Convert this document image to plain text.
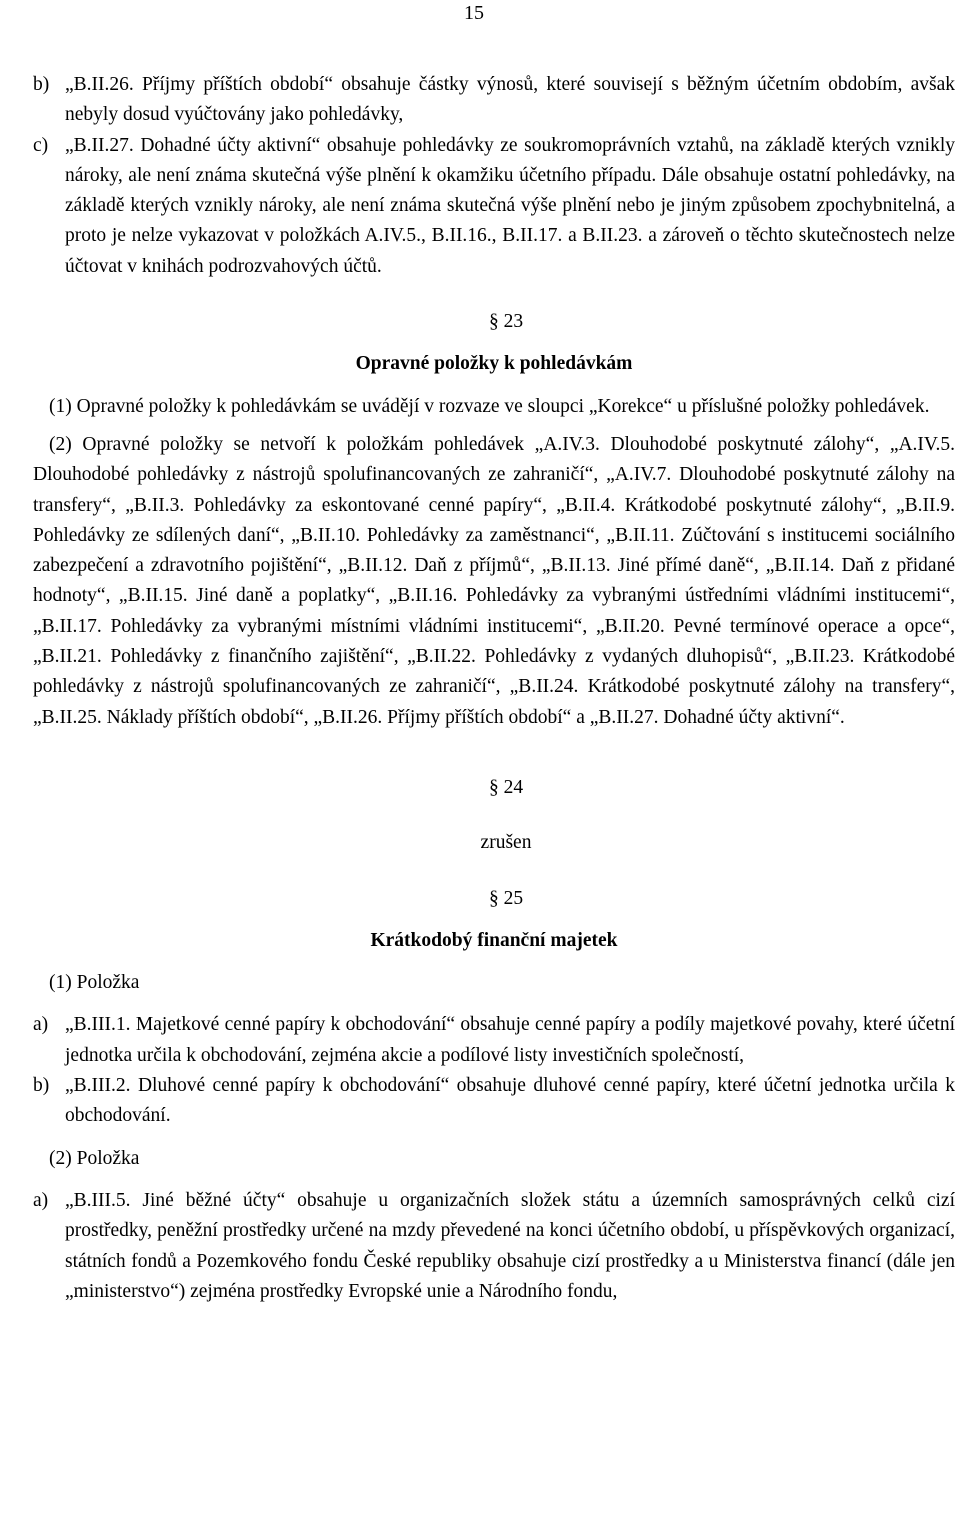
15
b) „B.II.26. Příjmy příštích období“ obsahuje částky výnosů, které souvisejí s běžným účetním obdobím, avšak nebyly dosud vyúčtovány jako pohledávky,
c) „B.II.27. Dohadné účty aktivní“ obsahuje pohledávky ze soukromoprávních vztahů, na základě kterých vznikly nároky, ale není známa skutečná výše plnění k okamžiku účetního případu. Dále obsahuje ostatní pohledávky, na základě kterých vznikly nároky, ale není známa skutečná výše plnění nebo je jiným způsobem zpochybnitelná, a proto je nelze vykazovat v položkách A.IV.5., B.II.16., B.II.17. a B.II.23. a zároveň o těchto skutečnostech nelze účtovat v knihách podrozvahových účtů.
§ 23
Opravné položky k pohledávkám

(1) Opravné položky k pohledávkám se uvádějí v rozvaze ve sloupci „Korekce“ u příslušné položky pohledávek.

(2) Opravné položky se netvoří k položkám pohledávek „A.IV.3. Dlouhodobé poskytnuté zálohy“, „A.IV.5. Dlouhodobé pohledávky z nástrojů spolufinancovaných ze zahraničí“, „A.IV.7. Dlouhodobé poskytnuté zálohy na transfery“, „B.II.3. Pohledávky za eskontované cenné papíry“, „B.II.4. Krátkodobé poskytnuté zálohy“, „B.II.9. Pohledávky ze sdílených daní“, „B.II.10. Pohledávky za zaměstnanci“, „B.II.11. Zúčtování s institucemi sociálního zabezpečení a zdravotního pojištění“, „B.II.12. Daň z příjmů“, „B.II.13. Jiné přímé daně“, „B.II.14. Daň z přidané hodnoty“, „B.II.15. Jiné daně a poplatky“, „B.II.16. Pohledávky za vybranými ústředními vládními institucemi“, „B.II.17. Pohledávky za vybranými místními vládními institucemi“, „B.II.20. Pevné termínové operace a opce“, „B.II.21. Pohledávky z finančního zajištění“, „B.II.22. Pohledávky z vydaných dluhopisů“, „B.II.23. Krátkodobé pohledávky z nástrojů spolufinancovaných ze zahraničí“, „B.II.24. Krátkodobé poskytnuté zálohy na transfery“, „B.II.25. Náklady příštích období“, „B.II.26. Příjmy příštích období“ a „B.II.27. Dohadné účty aktivní“.

§ 24
zrušen
§ 25
Krátkodobý finanční majetek
(1) Položka
a) „B.III.1. Majetkové cenné papíry k obchodování“ obsahuje cenné papíry a podíly majetkové povahy, které účetní jednotka určila k obchodování, zejména akcie a podílové listy investičních společností,
b) „B.III.2. Dluhové cenné papíry k obchodování“ obsahuje dluhové cenné papíry, které účetní jednotka určila k obchodování.
(2) Položka
a) „B.III.5. Jiné běžné účty“ obsahuje u organizačních složek státu a územních samosprávných celků cizí prostředky, peněžní prostředky určené na mzdy převedené na konci účetního období, u příspěvkových organizací, státních fondů a Pozemkového fondu České republiky obsahuje cizí prostředky a u Ministerstva financí (dále jen „ministerstvo“) zejména prostředky Evropské unie a Národního fondu,
